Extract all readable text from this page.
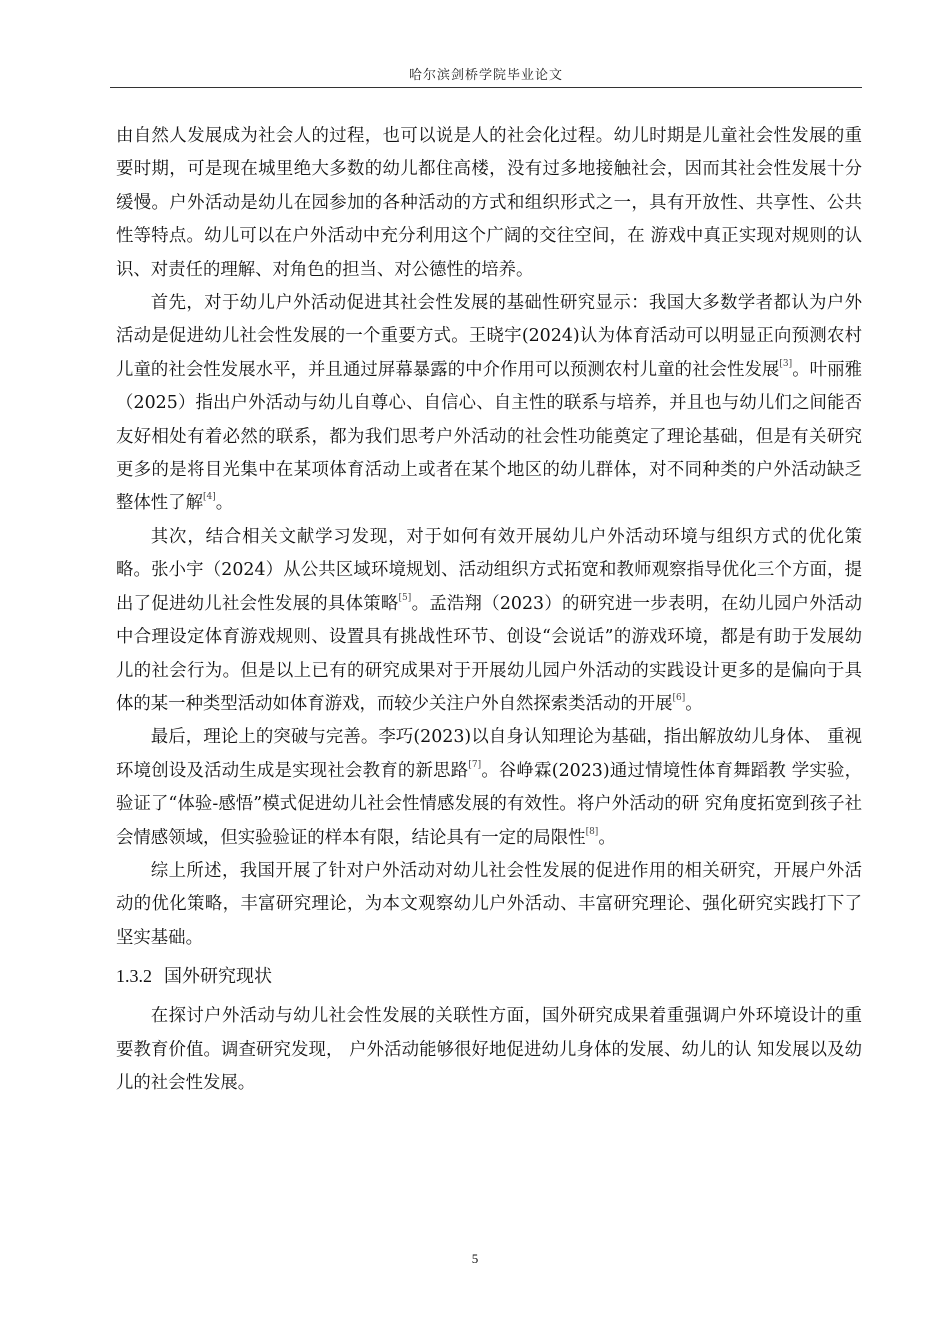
哈尔滨剑桥学院毕业论文

由自然人发展成为社会人的过程，也可以说是人的社会化过程。幼儿时期是儿童社会性发展的重要时期，可是现在城里绝大多数的幼儿都住高楼，没有过多地接触社会，因而其社会性发展十分缓慢。户外活动是幼儿在园参加的各种活动的方式和组织形式之一，具有开放性、共享性、公共性等特点。幼儿可以在户外活动中充分利用这个广阔的交往空间，在 游戏中真正实现对规则的认识、对责任的理解、对角色的担当、对公德性的培养。

首先，对于幼儿户外活动促进其社会性发展的基础性研究显示：我国大多数学者都认为户外活动是促进幼儿社会性发展的一个重要方式。王晓宇(2024)认为体育活动可以明显正向预测农村儿童的社会性发展水平，并且通过屏幕暴露的中介作用可以预测农村儿童的社会性发展[3]。叶丽雅（2025）指出户外活动与幼儿自尊心、自信心、自主性的联系与培养，并且也与幼儿们之间能否友好相处有着必然的联系，都为我们思考户外活动的社会性功能奠定了理论基础，但是有关研究更多的是将目光集中在某项体育活动上或者在某个地区的幼儿群体，对不同种类的户外活动缺乏整体性了解[4]。

其次，结合相关文献学习发现，对于如何有效开展幼儿户外活动环境与组织方式的优化策略。张小宇（2024）从公共区域环境规划、活动组织方式拓宽和教师观察指导优化三个方面，提出了促进幼儿社会性发展的具体策略[5]。孟浩翔（2023）的研究进一步表明，在幼儿园户外活动中合理设定体育游戏规则、设置具有挑战性环节、创设“会说话”的游戏环境，都是有助于发展幼儿的社会行为。但是以上已有的研究成果对于开展幼儿园户外活动的实践设计更多的是偏向于具体的某一种类型活动如体育游戏，而较少关注户外自然探索类活动的开展[6]。

最后，理论上的突破与完善。李巧(2023)以自身认知理论为基础，指出解放幼儿身体、 重视环境创设及活动生成是实现社会教育的新思路[7]。谷峥霖(2023)通过情境性体育舞蹈教 学实验，验证了“体验-感悟”模式促进幼儿社会性情感发展的有效性。将户外活动的研 究角度拓宽到孩子社会情感领域，但实验验证的样本有限，结论具有一定的局限性[8]。

综上所述，我国开展了针对户外活动对幼儿社会性发展的促进作用的相关研究，开展户外活动的优化策略，丰富研究理论，为本文观察幼儿户外活动、丰富研究理论、强化研究实践打下了坚实基础。

1.3.2 国外研究现状

在探讨户外活动与幼儿社会性发展的关联性方面，国外研究成果着重强调户外环境设计的重要教育价值。调查研究发现， 户外活动能够很好地促进幼儿身体的发展、幼儿的认 知发展以及幼儿的社会性发展。

5
